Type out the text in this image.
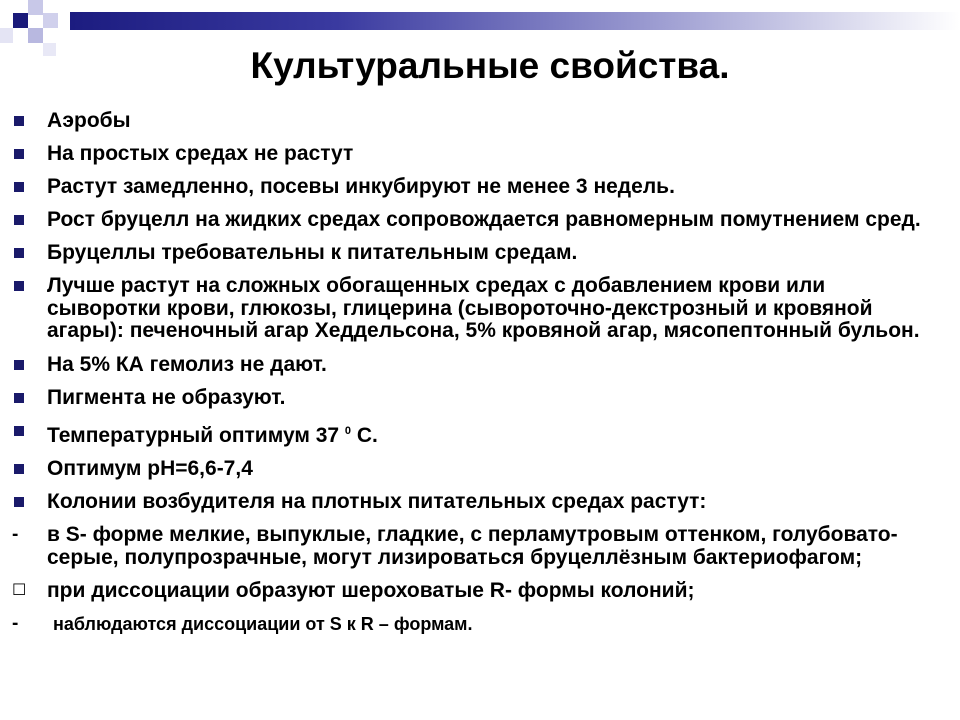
Культуральные свойства.
Аэробы
На простых средах не растут
Растут замедленно, посевы инкубируют не менее 3 недель.
Рост бруцелл на жидких средах сопровождается равномерным помутнением сред.
Бруцеллы требовательны к питательным средам.
Лучше растут на сложных обогащенных средах с добавлением крови или сыворотки крови, глюкозы, глицерина (сывороточно-декстрозный и кровяной агары): печеночный агар Хеддельсона, 5% кровяной агар, мясопептонный бульон.
На 5% КА гемолиз не дают.
Пигмента не образуют.
Температурный оптимум 37 $^0$ С.
Оптимум рН=6,6-7,4
Колонии возбудителя на плотных питательных средах растут:
-	в S- форме мелкие, выпуклые, гладкие, с перламутровым оттенком, голубовато-серые, полупрозрачные, могут лизироваться бруцеллёзным бактериофагом;
☐ при диссоциации образуют шероховатые R- формы колоний;
-	наблюдаются диссоциации от S к R – формам.
